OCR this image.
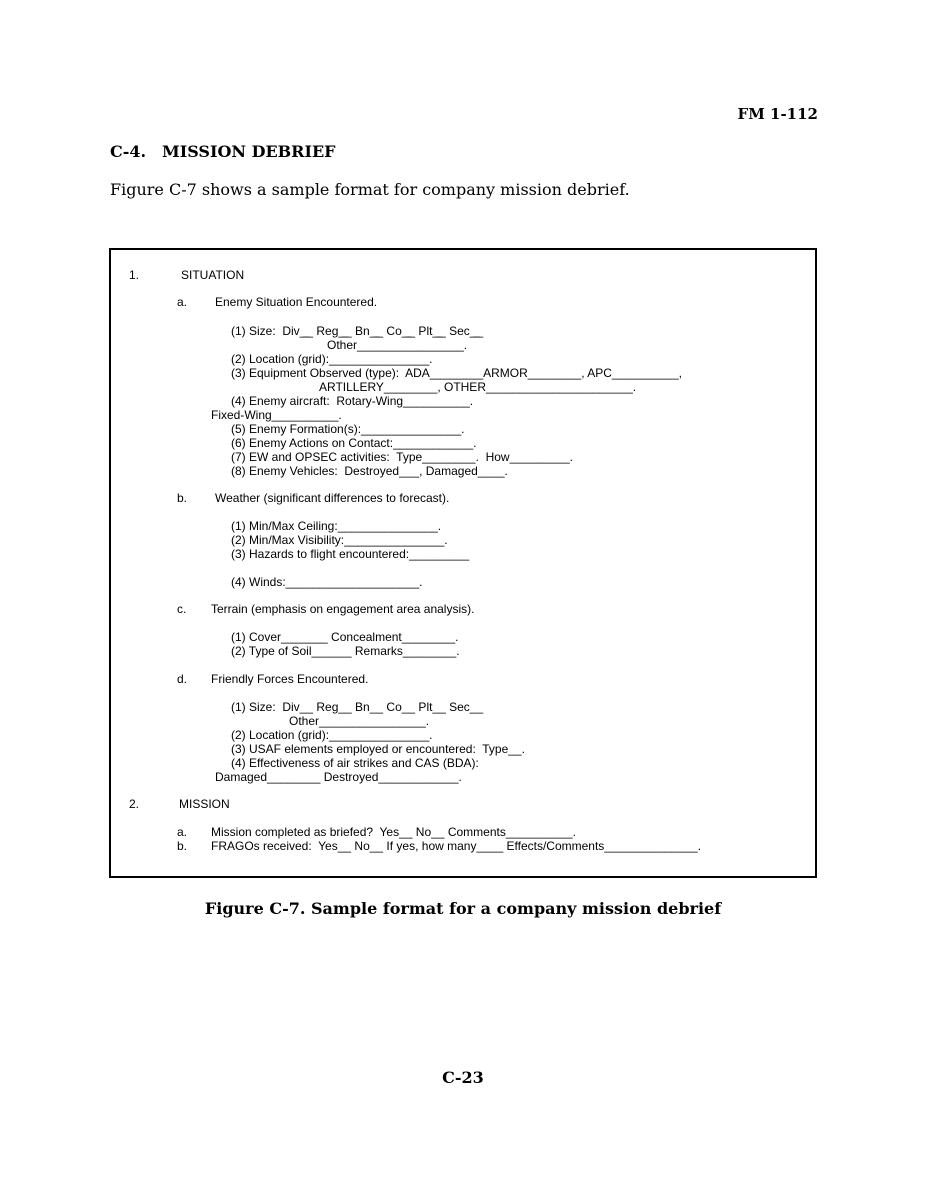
FM 1-112
C-4. MISSION DEBRIEF
Figure C-7 shows a sample format for company mission debrief.
1.	SITUATION
a. Enemy Situation Encountered.
(1) Size:  Div_̲_ Reg_̲_ Bn_̲_ Co_̲_ Plt_̲_ Sec_̲_
Other________________.
(2) Location (grid):_______________.
(3) Equipment Observed (type):  ADA________ARMOR________, APC__________,
ARTILLERY________, OTHER______________________.
(4) Enemy aircraft:  Rotary-Wing__________.
Fixed-Wing__________.
(5) Enemy Formation(s):_______________.
(6) Enemy Actions on Contact:____________.
(7) EW and OPSEC activities:  Type________.  How_________.
(8) Enemy Vehicles:  Destroyed___, Damaged____.
b. Weather (significant differences to forecast).
(1) Min/Max Ceiling:_______________.
(2) Min/Max Visibility:_______________.
(3) Hazards to flight encountered:_________
(4) Winds:____________________.
c. Terrain (emphasis on engagement area analysis).
(1) Cover_______ Concealment________.
(2) Type of Soil______ Remarks________.
d. Friendly Forces Encountered.
(1) Size:  Div__ Reg__ Bn__ Co__ Plt__ Sec__
Other________________.
(2) Location (grid):_______________.
(3) USAF elements employed or encountered:  Type__.
(4) Effectiveness of air strikes and CAS (BDA):
Damaged________ Destroyed____________.
2.	MISSION
a. Mission completed as briefed?  Yes__ No__ Comments__________.
b. FRAGOs received:  Yes__ No__ If yes, how many____ Effects/Comments______________.
Figure C-7. Sample format for a company mission debrief
C-23
